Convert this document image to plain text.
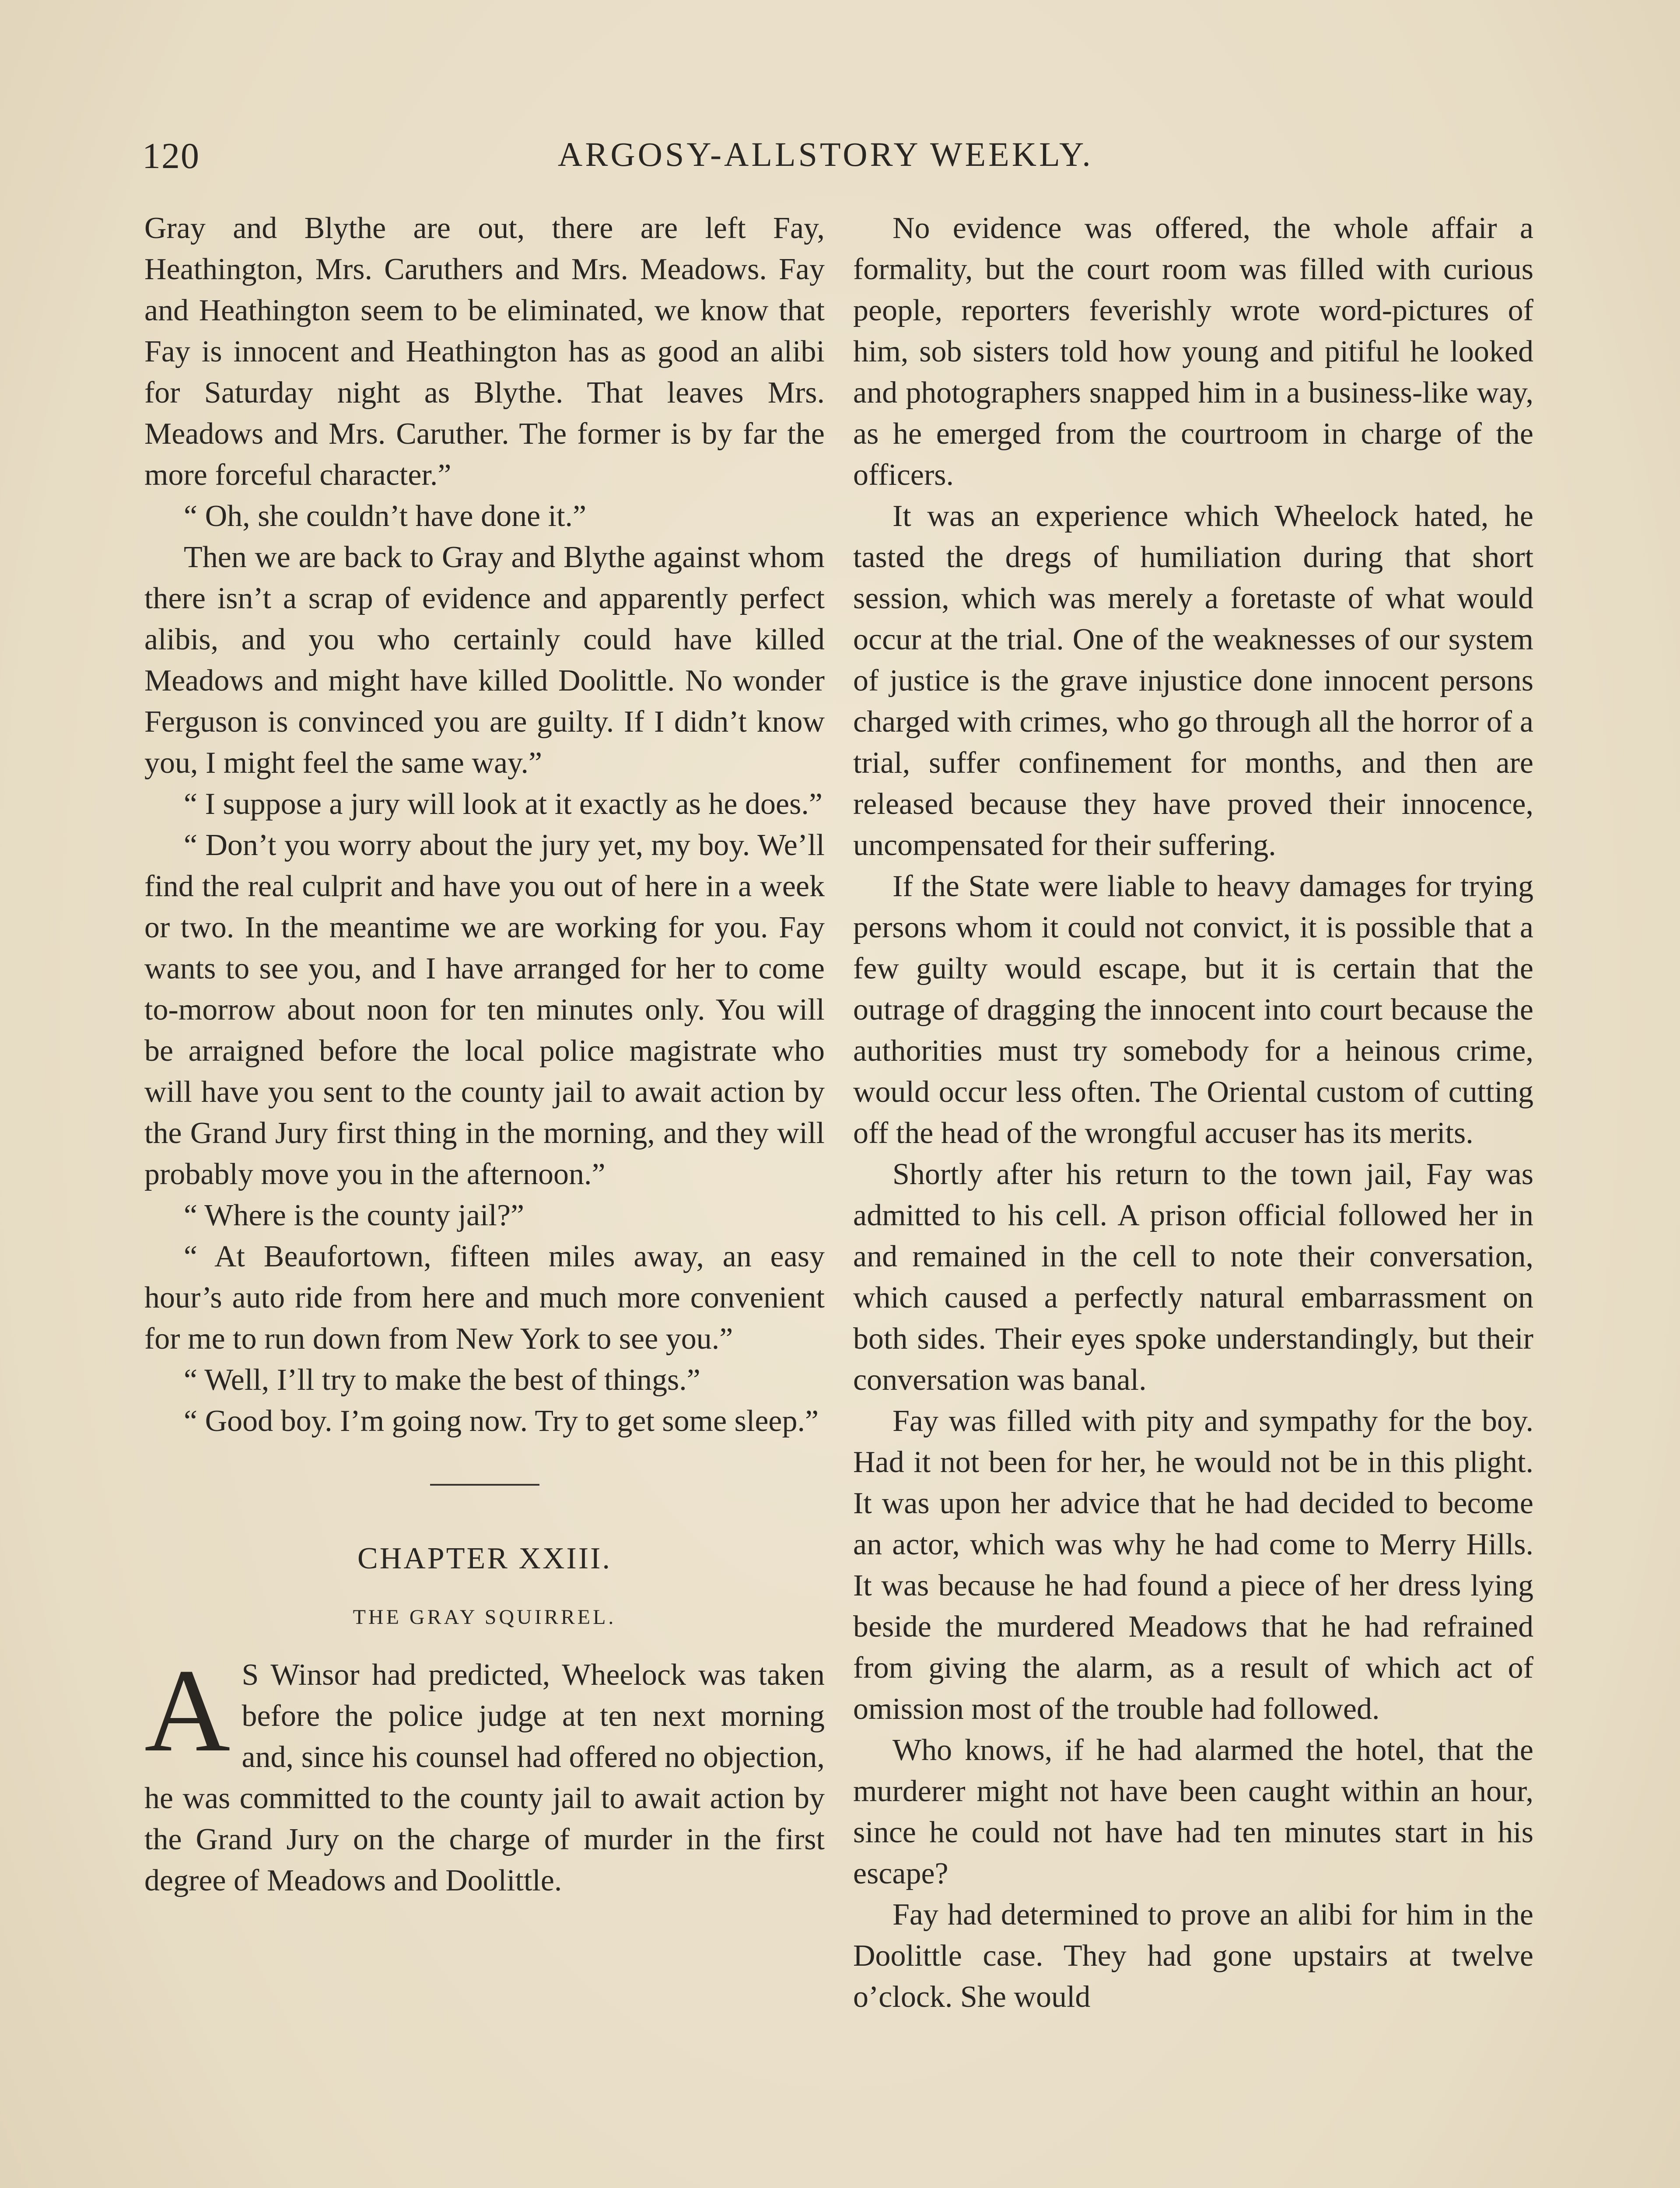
120	ARGOSY-ALLSTORY WEEKLY.

Gray and Blythe are out, there are left Fay, Heathington, Mrs. Caruthers and Mrs. Meadows. Fay and Heathington seem to be eliminated, we know that Fay is innocent and Heathington has as good an alibi for Saturday night as Blythe. That leaves Mrs. Meadows and Mrs. Caruther. The former is by far the more forceful character.”

“ Oh, she couldn’t have done it.”

Then we are back to Gray and Blythe against whom there isn’t a scrap of evidence and apparently perfect alibis, and you who certainly could have killed Meadows and might have killed Doolittle. No wonder Ferguson is convinced you are guilty. If I didn’t know you, I might feel the same way.”

“ I suppose a jury will look at it exactly as he does.”

“ Don’t you worry about the jury yet, my boy. We’ll find the real culprit and have you out of here in a week or two. In the meantime we are working for you. Fay wants to see you, and I have arranged for her to come to-morrow about noon for ten minutes only. You will be arraigned before the local police magistrate who will have you sent to the county jail to await action by the Grand Jury first thing in the morning, and they will probably move you in the afternoon.”

“ Where is the county jail?”

“ At Beaufortown, fifteen miles away, an easy hour’s auto ride from here and much more convenient for me to run down from New York to see you.”

“ Well, I’ll try to make the best of things.”

“ Good boy. I’m going now. Try to get some sleep.”

CHAPTER XXIII.
THE GRAY SQUIRREL.

A S Winsor had predicted, Wheelock was taken before the police judge at ten next morning and, since his counsel had offered no objection, he was committed to the county jail to await action by the Grand Jury on the charge of murder in the first degree of Meadows and Doolittle.

No evidence was offered, the whole affair a formality, but the court room was filled with curious people, reporters feverishly wrote word-pictures of him, sob sisters told how young and pitiful he looked and photographers snapped him in a business-like way, as he emerged from the courtroom in charge of the officers.

It was an experience which Wheelock hated, he tasted the dregs of humiliation during that short session, which was merely a foretaste of what would occur at the trial. One of the weaknesses of our system of justice is the grave injustice done innocent persons charged with crimes, who go through all the horror of a trial, suffer confinement for months, and then are released because they have proved their innocence, uncompensated for their suffering.

If the State were liable to heavy damages for trying persons whom it could not convict, it is possible that a few guilty would escape, but it is certain that the outrage of dragging the innocent into court because the authorities must try somebody for a heinous crime, would occur less often. The Oriental custom of cutting off the head of the wrongful accuser has its merits.

Shortly after his return to the town jail, Fay was admitted to his cell. A prison official followed her in and remained in the cell to note their conversation, which caused a perfectly natural embarrassment on both sides. Their eyes spoke understandingly, but their conversation was banal.

Fay was filled with pity and sympathy for the boy. Had it not been for her, he would not be in this plight. It was upon her advice that he had decided to become an actor, which was why he had come to Merry Hills. It was because he had found a piece of her dress lying beside the murdered Meadows that he had refrained from giving the alarm, as a result of which act of omission most of the trouble had followed.

Who knows, if he had alarmed the hotel, that the murderer might not have been caught within an hour, since he could not have had ten minutes start in his escape?

Fay had determined to prove an alibi for him in the Doolittle case. They had gone upstairs at twelve o’clock. She would
